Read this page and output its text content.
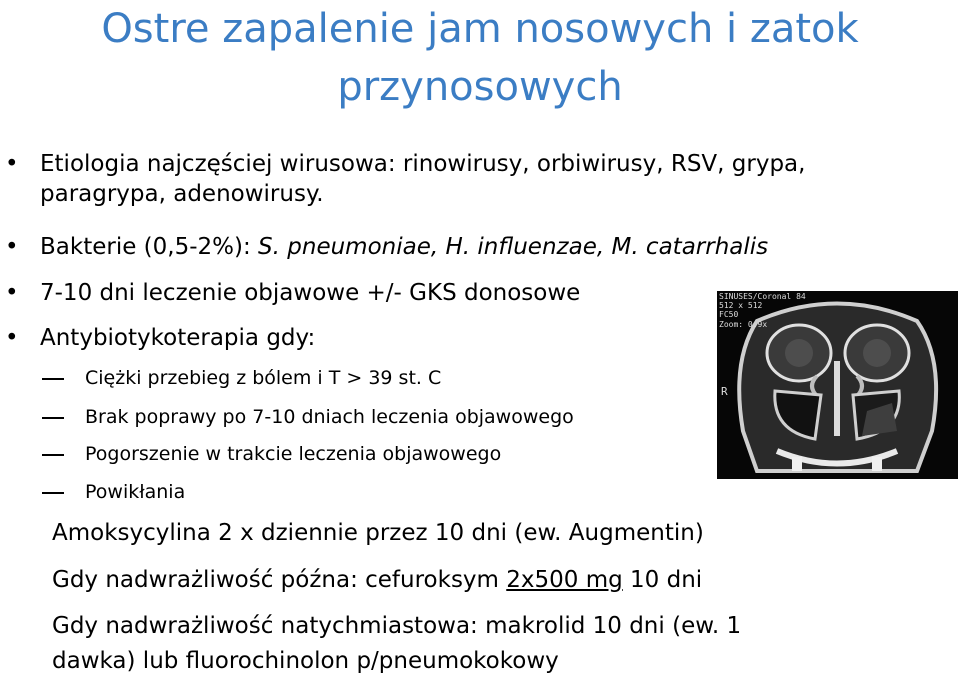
Ostre zapalenie jam nosowych i zatok
przynosowych
• Etiologia najczęściej wirusowa: rinowirusy, orbiwirusy, RSV, grypa,
paragrypa, adenowirusy.
• Bakterie (0,5-2%): S. pneumoniae, H. influenzae, M. catarrhalis
• 7-10 dni leczenie objawowe +/- GKS donosowe
• Antybiotykoterapia gdy:
Ciężki przebieg z bólem i T > 39 st. C
Brak poprawy po 7-10 dniach leczenia objawowego
Pogorszenie w trakcie leczenia objawowego
Powikłania
Amoksycylina 2 x dziennie przez 10 dni (ew. Augmentin)
Gdy nadwrażliwość późna: cefuroksym 2x500 mg 10 dni
Gdy nadwrażliwość natychmiastowa: makrolid 10 dni (ew. 1
dawka) lub fluorochinolon p/pneumokokowy
SINUSES/Coronal 84
512 x 512
FC50
Zoom: 0.9x
R
